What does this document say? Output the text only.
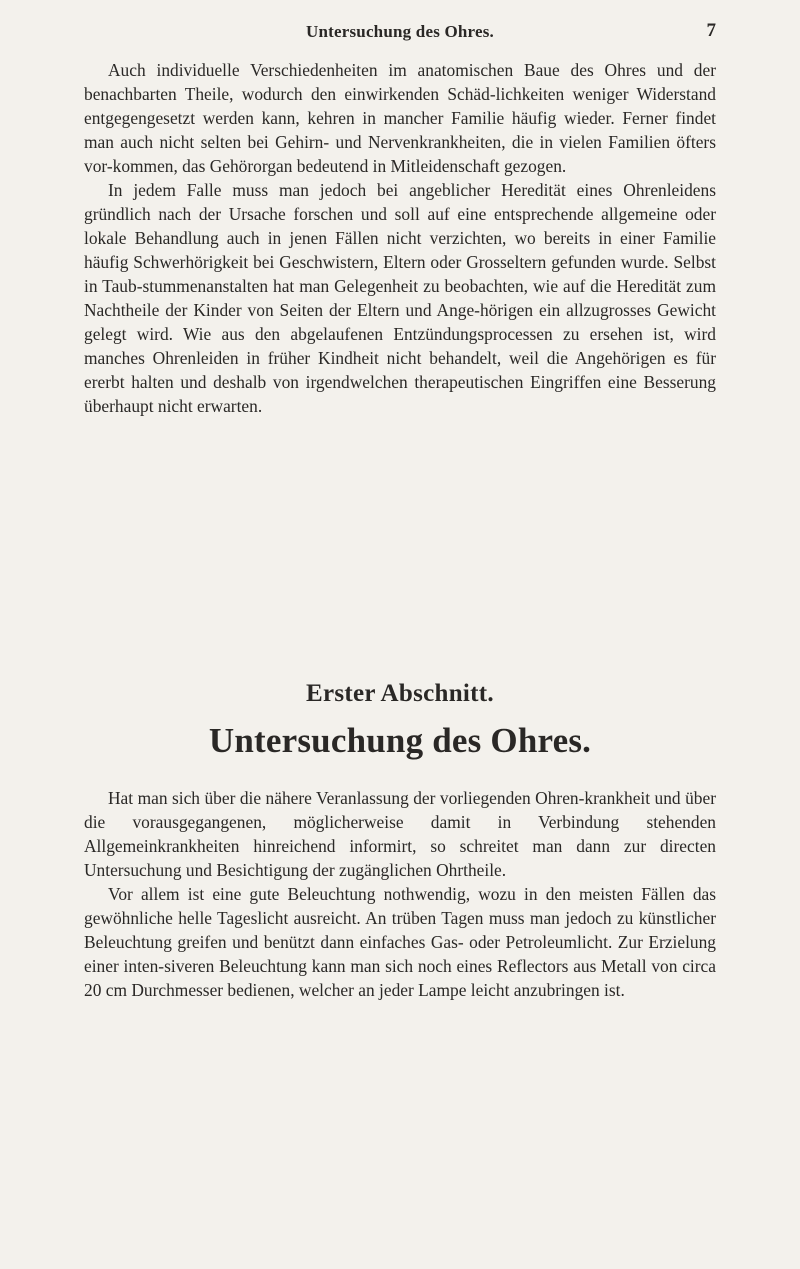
Untersuchung des Ohres.	7

Auch individuelle Verschiedenheiten im anatomischen Baue des Ohres und der benachbarten Theile, wodurch den einwirkenden Schäd-lichkeiten weniger Widerstand entgegengesetzt werden kann, kehren in mancher Familie häufig wieder. Ferner findet man auch nicht selten bei Gehirn- und Nervenkrankheiten, die in vielen Familien öfters vor-kommen, das Gehörorgan bedeutend in Mitleidenschaft gezogen.

In jedem Falle muss man jedoch bei angeblicher Heredität eines Ohrenleidens gründlich nach der Ursache forschen und soll auf eine entsprechende allgemeine oder lokale Behandlung auch in jenen Fällen nicht verzichten, wo bereits in einer Familie häufig Schwerhörigkeit bei Geschwistern, Eltern oder Grosseltern gefunden wurde. Selbst in Taub-stummenanstalten hat man Gelegenheit zu beobachten, wie auf die Heredität zum Nachtheile der Kinder von Seiten der Eltern und Ange-hörigen ein allzugrosses Gewicht gelegt wird. Wie aus den abgelaufenen Entzündungsprocessen zu ersehen ist, wird manches Ohrenleiden in früher Kindheit nicht behandelt, weil die Angehörigen es für ererbt halten und deshalb von irgendwelchen therapeutischen Eingriffen eine Besserung überhaupt nicht erwarten.

Erster Abschnitt.
Untersuchung des Ohres.

Hat man sich über die nähere Veranlassung der vorliegenden Ohren-krankheit und über die vorausgegangenen, möglicherweise damit in Verbindung stehenden Allgemeinkrankheiten hinreichend informirt, so schreitet man dann zur directen Untersuchung und Besichtigung der zugänglichen Ohrtheile.

Vor allem ist eine gute Beleuchtung nothwendig, wozu in den meisten Fällen das gewöhnliche helle Tageslicht ausreicht. An trüben Tagen muss man jedoch zu künstlicher Beleuchtung greifen und benützt dann einfaches Gas- oder Petroleumlicht. Zur Erzielung einer inten-siveren Beleuchtung kann man sich noch eines Reflectors aus Metall von circa 20 cm Durchmesser bedienen, welcher an jeder Lampe leicht anzubringen ist.
